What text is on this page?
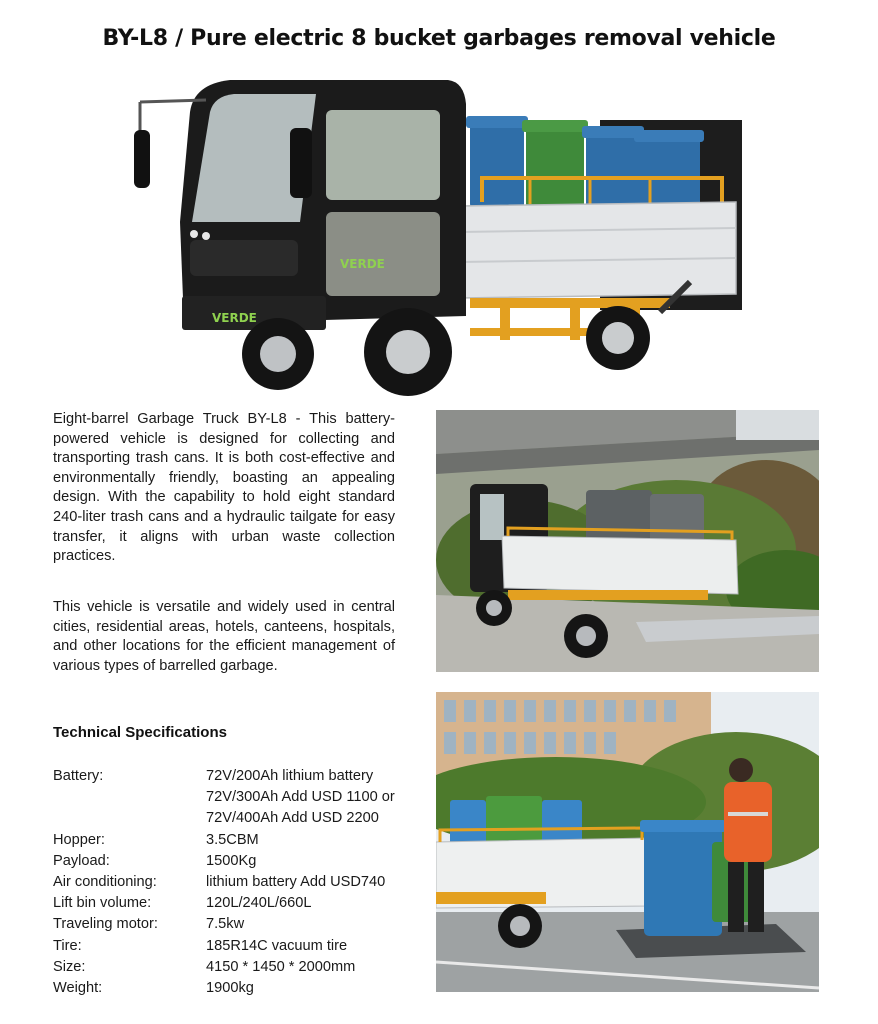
BY-L8 / Pure electric 8 bucket garbages removal vehicle
VERDE
VERDE
Eight-barrel Garbage Truck BY-L8 - This battery-powered vehicle is designed for collecting and transporting trash cans. It is both cost-effective and environmentally friendly, boasting an appealing design. With the capability to hold eight standard 240-liter trash cans and a hydraulic tailgate for easy transfer, it aligns with urban waste collection practices.
This vehicle is versatile and widely used in central cities, residential areas, hotels, canteens, hospitals, and other locations for the efficient management of various types of barrelled garbage.
Technical Specifications
Battery:	72V/200Ah lithium battery
72V/300Ah Add USD 1100 or
72V/400Ah Add USD 2200
Hopper:	3.5CBM
Payload:	1500Kg
Air conditioning:	lithium battery Add USD740
Lift bin volume:	120L/240L/660L
Traveling motor:	7.5kw
Tire:	185R14C vacuum tire
Size:	4150 * 1450 * 2000mm
Weight:	1900kg
